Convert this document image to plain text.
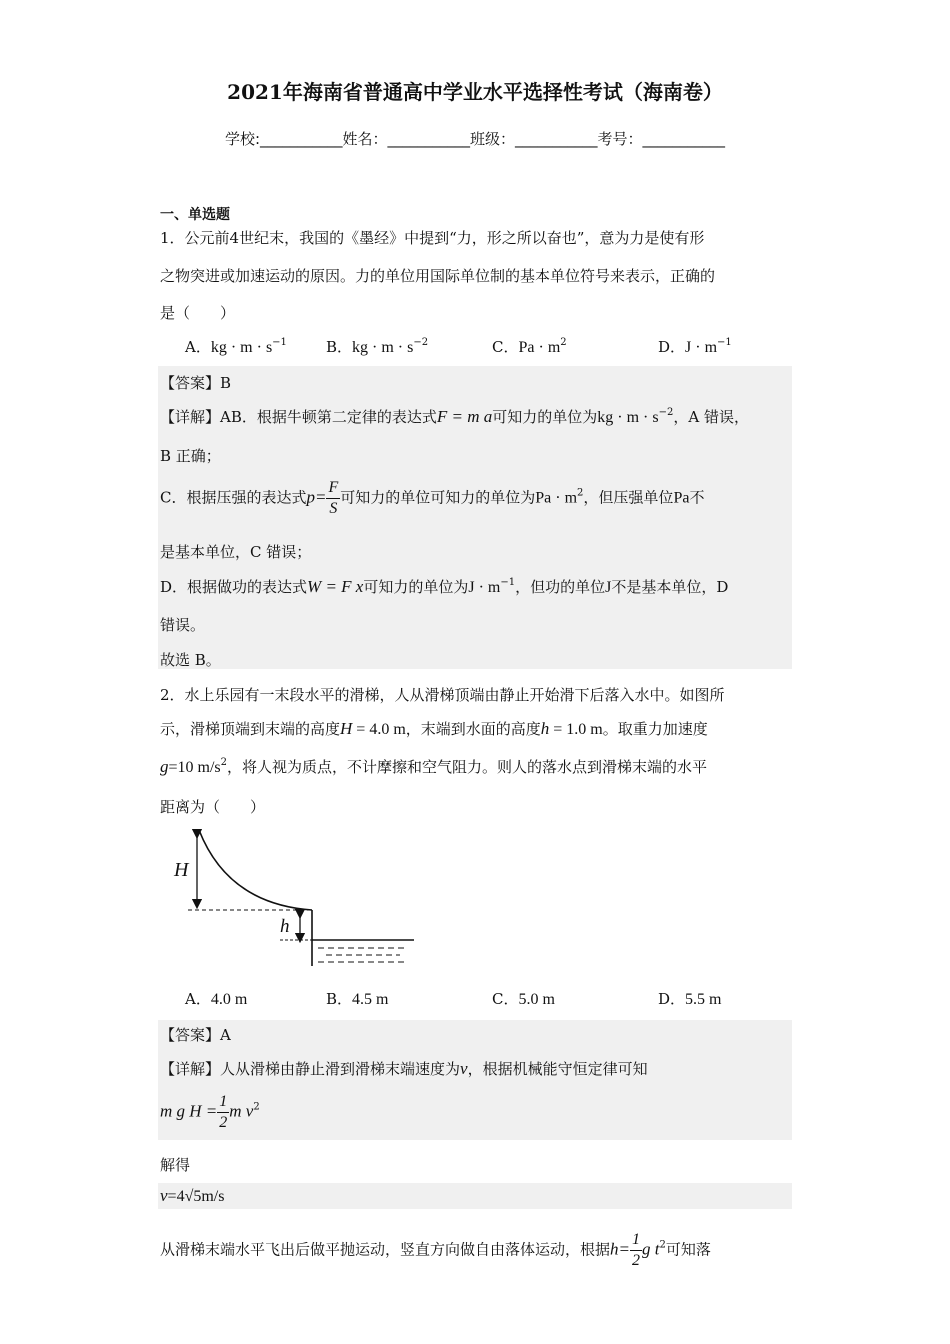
2021年海南省普通高中学业水平选择性考试（海南卷）
学校:___________姓名：___________班级：___________考号：___________
一、单选题
1．公元前4世纪末，我国的《墨经》中提到“力，形之所以奋也”，意为力是使有形
之物突进或加速运动的原因。力的单位用国际单位制的基本单位符号来表示，正确的
是（　　）
A．kg · $m \cdot s^{-1}$	B．kg · $m \cdot s^{-2}$	C．$Pa \cdot m^2$	D．$J \cdot m^{-1}$
【答案】B
【详解】AB．根据牛顿第二定律的表达式F = m a可知力的单位为kg · $m \cdot s^{-2}$，A 错误，
B 正确；
C．根据压强的表达式$p= \frac{F}{S}$ 可知力的单位可知力的单位为$Pa \cdot m^2$，但压强单位Pa不
是基本单位，C 错误；
D．根据做功的表达式W = F x可知力的单位为$J \cdot m^{-1}$，但功的单位J不是基本单位，D
错误。
故选 B。
2．水上乐园有一末段水平的滑梯，人从滑梯顶端由静止开始滑下后落入水中。如图所
示，滑梯顶端到末端的高度H = 4.0 m，末端到水面的高度h = 1.0 m。取重力加速度
g=10 $m/s^2$，将人视为质点，不计摩擦和空气阻力。则人的落水点到滑梯末端的水平
距离为（　　）
H
h
A．4.0 m	B．4.5 m	C．5.0 m	D．5.5 m
【答案】A
【详解】人从滑梯由静止滑到滑梯末端速度为v，根据机械能守恒定律可知
m g $H = \frac{1}{2}$ m $v^2$
解得
v=4√5m/s
从滑梯末端水平飞出后做平抛运动，竖直方向做自由落体运动，根据$h= \frac{1}{2}$ g $t^2$可知落
